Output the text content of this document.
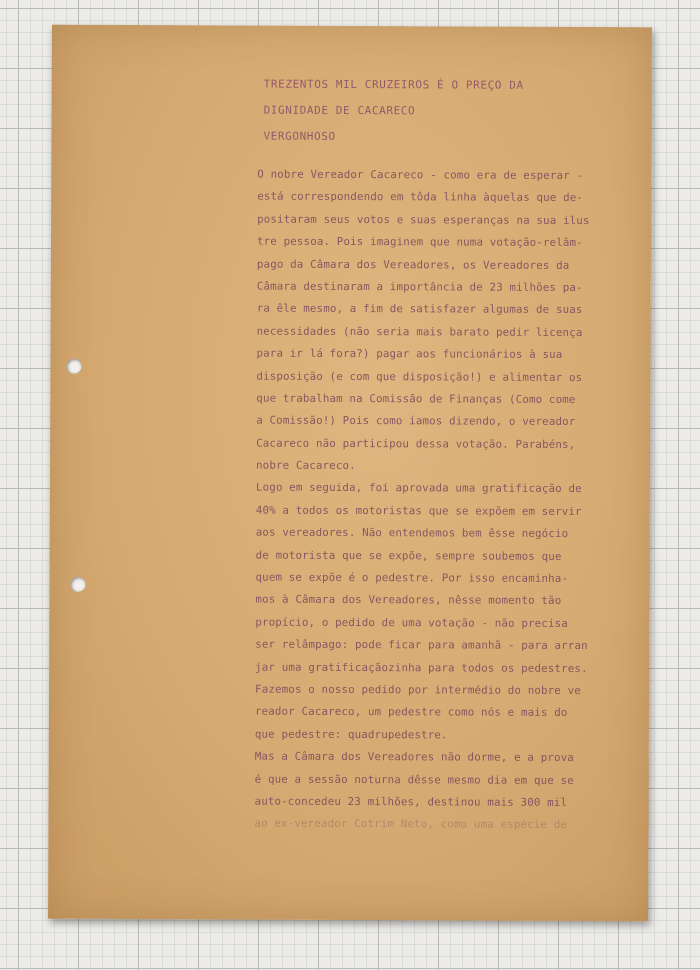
TREZENTOS MIL CRUZEIROS É O PREÇO DA
DIGNIDADE DE CACARECO
VERGONHOSO
O nobre Vereador Cacareco - como era de esperar -
está correspondendo em tôda linha àquelas que de-
positaram seus votos e suas esperanças na sua ilus
tre pessoa. Pois imaginem que numa votação-relâm-
pago da Câmara dos Vereadores, os Vereadores da
Câmara destinaram a importância de 23 milhões pa-
ra êle mesmo, a fim de satisfazer algumas de suas
necessidades (não seria mais barato pedir licença
para ir lá fora?) pagar aos funcionários à sua
disposição (e com que disposição!) e alimentar os
que trabalham na Comissão de Finanças (Como come
a Comissão!) Pois como íamos dizendo, o vereador
Cacareco não participou dessa votação. Parabéns,
nobre Cacareco.
Logo em seguida, foi aprovada uma gratificação de
40% a todos os motoristas que se expõem em servir
aos vereadores. Não entendemos bem êsse negócio
de motorista que se expõe, sempre soubemos que
quem se expõe é o pedestre. Por isso encaminha-
mos à Câmara dos Vereadores, nêsse momento tão
propício, o pedido de uma votação - não precisa
ser relâmpago: pode ficar para amanhã - para arran
jar uma gratificaçãozinha para todos os pedestres.
Fazemos o nosso pedido por intermédio do nobre ve
reador Cacareco, um pedestre como nós e mais do
que pedestre: quadrupedestre.
Mas a Câmara dos Vereadores não dorme, e a prova
é que a sessão noturna dêsse mesmo dia em que se
auto-concedeu 23 milhões, destinou mais 300 mil
ao ex-vereador Cotrim Neto, como uma espécie de
